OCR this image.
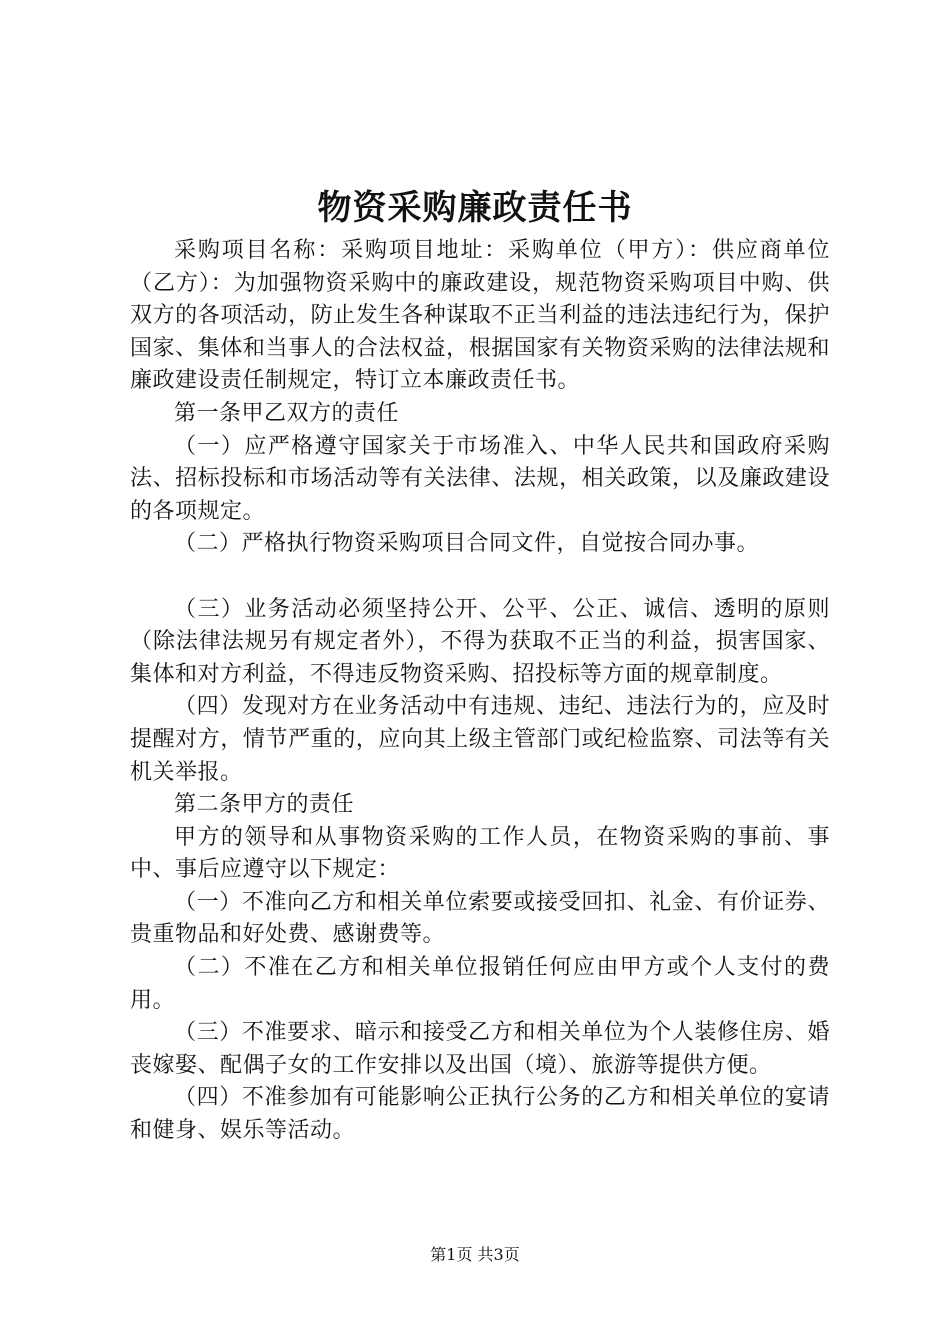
物资采购廉政责任书

采购项目名称：采购项目地址：采购单位（甲方）：供应商单位（乙方）：为加强物资采购中的廉政建设，规范物资采购项目中购、供双方的各项活动，防止发生各种谋取不正当利益的违法违纪行为，保护国家、集体和当事人的合法权益，根据国家有关物资采购的法律法规和廉政建设责任制规定，特订立本廉政责任书。

第一条甲乙双方的责任

（一）应严格遵守国家关于市场准入、中华人民共和国政府采购法、招标投标和市场活动等有关法律、法规，相关政策，以及廉政建设的各项规定。

（二）严格执行物资采购项目合同文件，自觉按合同办事。

（三）业务活动必须坚持公开、公平、公正、诚信、透明的原则（除法律法规另有规定者外），不得为获取不正当的利益，损害国家、集体和对方利益，不得违反物资采购、招投标等方面的规章制度。

（四）发现对方在业务活动中有违规、违纪、违法行为的，应及时提醒对方，情节严重的，应向其上级主管部门或纪检监察、司法等有关机关举报。

第二条甲方的责任

甲方的领导和从事物资采购的工作人员，在物资采购的事前、事中、事后应遵守以下规定：

（一）不准向乙方和相关单位索要或接受回扣、礼金、有价证券、贵重物品和好处费、感谢费等。

（二）不准在乙方和相关单位报销任何应由甲方或个人支付的费用。

（三）不准要求、暗示和接受乙方和相关单位为个人装修住房、婚丧嫁娶、配偶子女的工作安排以及出国（境）、旅游等提供方便。

（四）不准参加有可能影响公正执行公务的乙方和相关单位的宴请和健身、娱乐等活动。

第1页 共3页
